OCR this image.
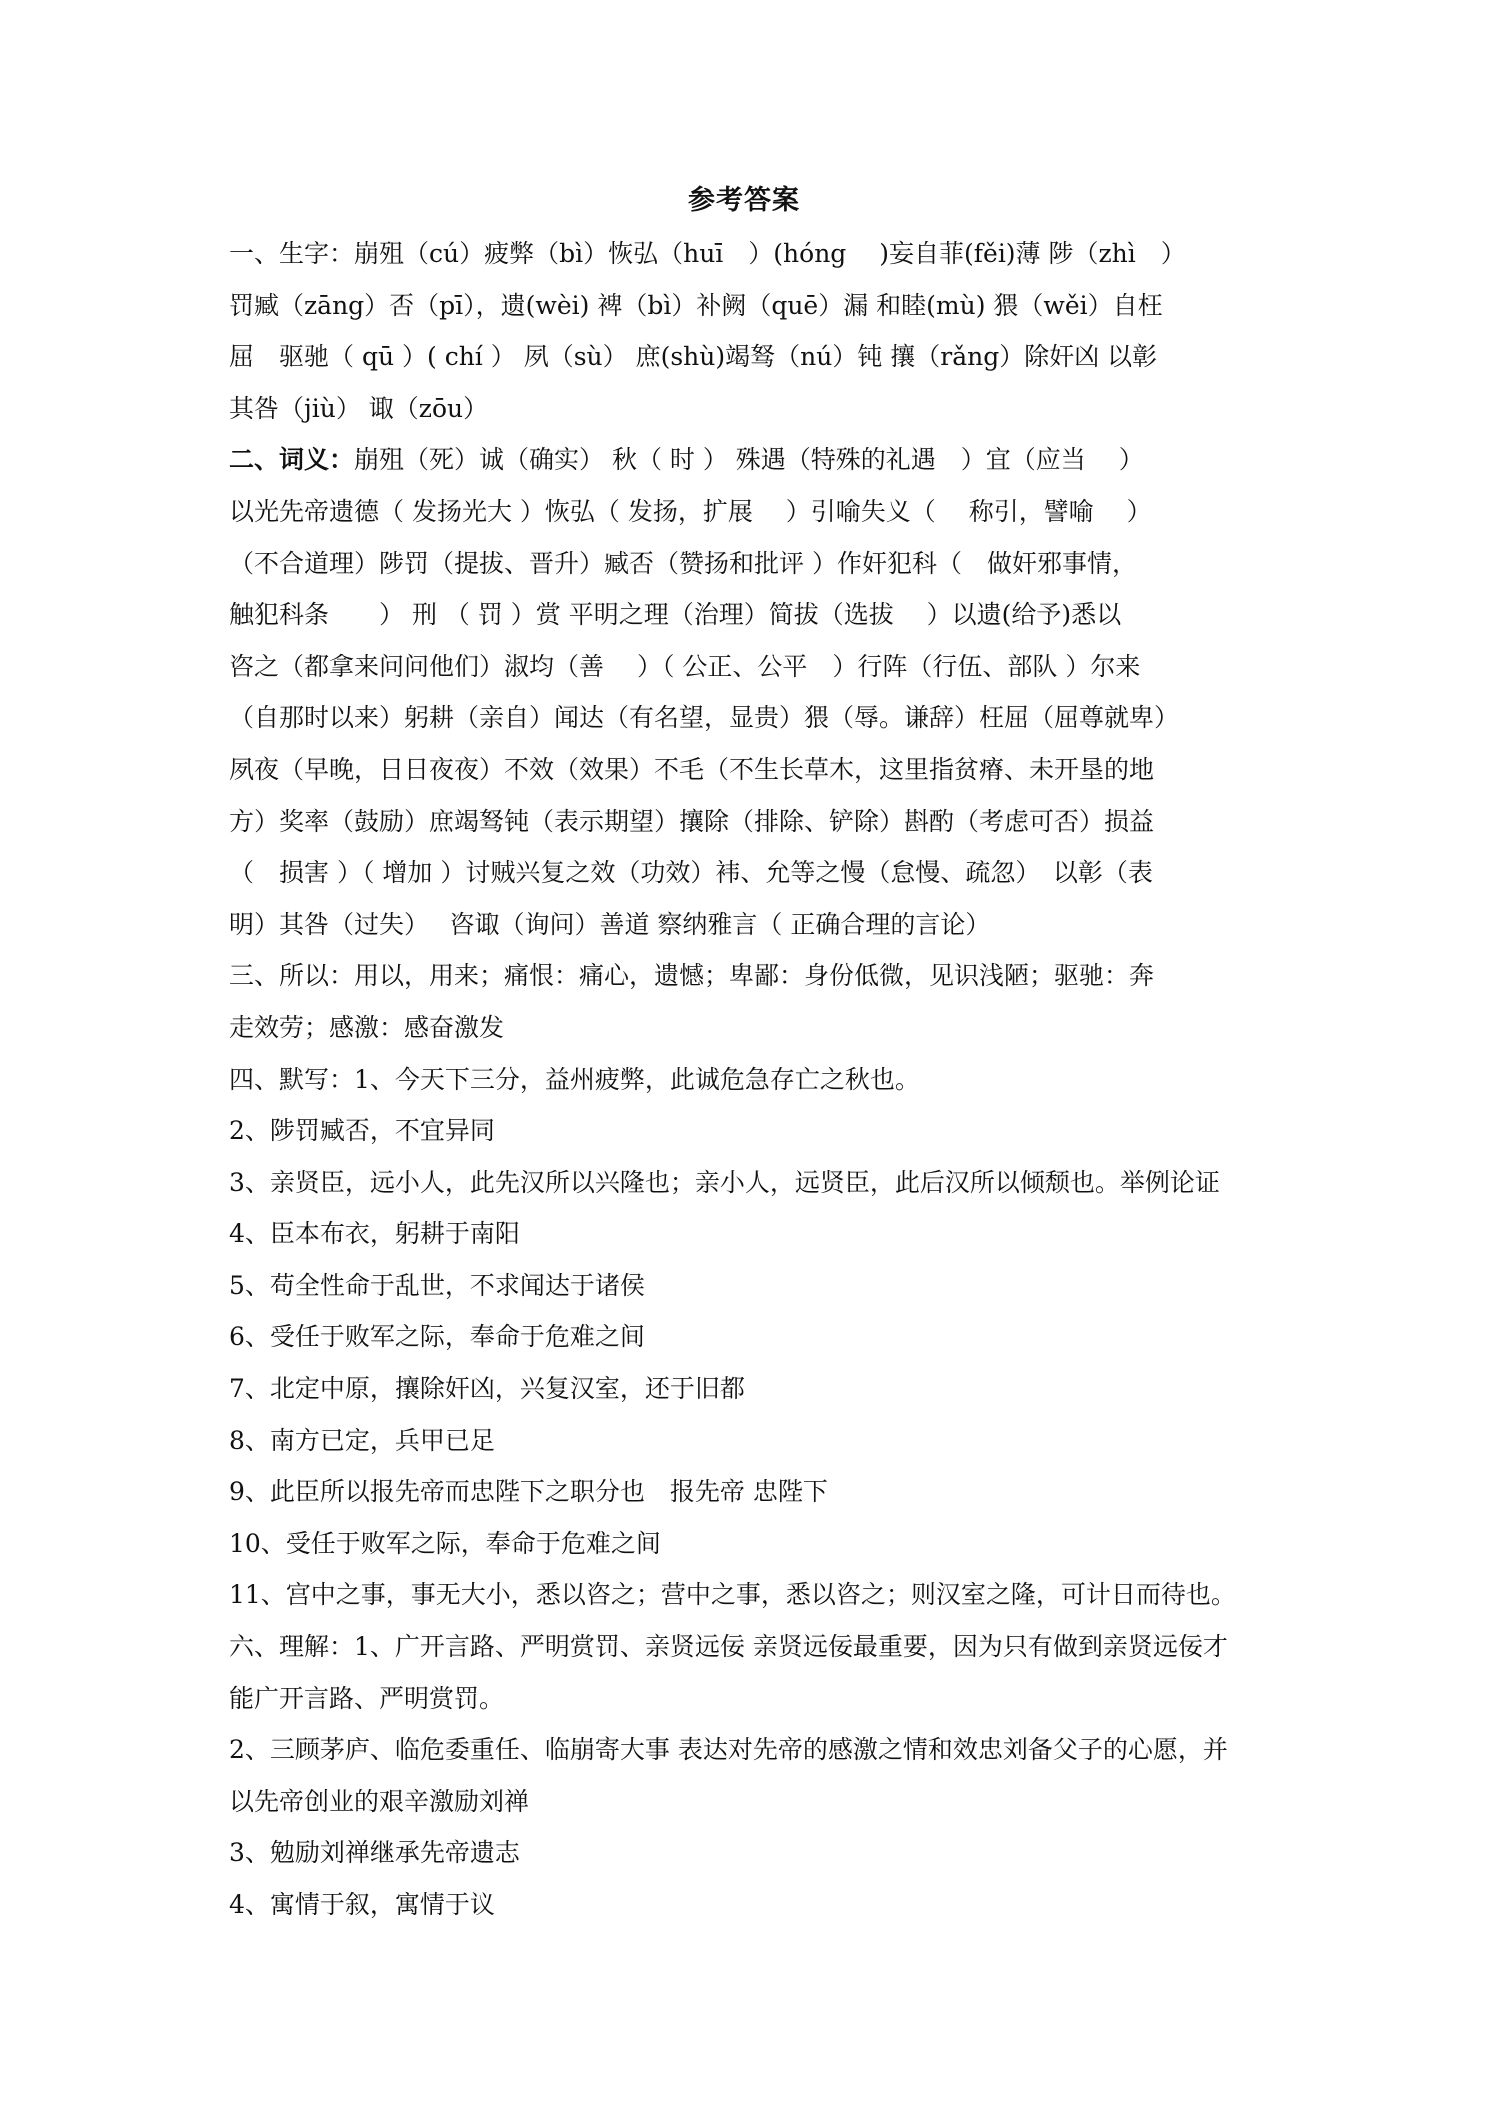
参考答案
一、生字：崩殂（cú）疲弊（bì）恢弘（huī　）(hóng　 )妄自菲(fěi)薄 陟（zhì　）
罚臧（zāng）否（pī），遗(wèi) 裨（bì）补阙（quē）漏 和睦(mù) 猥（wěi）自枉
屈　驱驰（ qū ）( chí ） 夙（sù） 庶(shù)竭驽（nú）钝 攘（rǎng）除奸凶 以彰
其咎（jiù） 诹（zōu）
二、词义：崩殂（死）诚（确实） 秋（ 时 ） 殊遇（特殊的礼遇　）宜（应当　 ）
以光先帝遗德（ 发扬光大 ）恢弘（ 发扬，扩展　 ）引喻失义（　 称引，譬喻　 ）
（不合道理）陟罚（提拔、晋升）臧否（赞扬和批评 ）作奸犯科（　做奸邪事情，
触犯科条　　） 刑 （ 罚 ）赏 平明之理（治理）简拔（选拔　 ）以遗(给予)悉以
咨之（都拿来问问他们）淑均（善　 ）（ 公正、公平　）行阵（行伍、部队 ）尔来
（自那时以来）躬耕（亲自）闻达（有名望，显贵）猥（辱。谦辞）枉屈（屈尊就卑）
夙夜（早晚，日日夜夜）不效（效果）不毛（不生长草木，这里指贫瘠、未开垦的地
方）奖率（鼓励）庶竭驽钝（表示期望）攘除（排除、铲除）斟酌（考虑可否）损益
（　损害 ）（ 增加 ）讨贼兴复之效（功效）袆、允等之慢（怠慢、疏忽）　以彰（表
明）其咎（过失）　 咨诹（询问）善道 察纳雅言（ 正确合理的言论）
三、所以：用以，用来；痛恨：痛心，遗憾；卑鄙：身份低微，见识浅陋；驱驰：奔
走效劳；感激：感奋激发
四、默写：1、今天下三分，益州疲弊，此诚危急存亡之秋也。
2、陟罚臧否，不宜异同
3、亲贤臣，远小人，此先汉所以兴隆也；亲小人，远贤臣，此后汉所以倾颓也。举例论证
4、臣本布衣，躬耕于南阳
5、苟全性命于乱世，不求闻达于诸侯
6、受任于败军之际，奉命于危难之间
7、北定中原，攘除奸凶，兴复汉室，还于旧都
8、南方已定，兵甲已足
9、此臣所以报先帝而忠陛下之职分也　报先帝 忠陛下
10、受任于败军之际，奉命于危难之间
11、宫中之事，事无大小，悉以咨之；营中之事，悉以咨之；则汉室之隆，可计日而待也。
六、理解：1、广开言路、严明赏罚、亲贤远佞 亲贤远佞最重要，因为只有做到亲贤远佞才
能广开言路、严明赏罚。
2、三顾茅庐、临危委重任、临崩寄大事 表达对先帝的感激之情和效忠刘备父子的心愿，并
以先帝创业的艰辛激励刘禅
3、勉励刘禅继承先帝遗志
4、寓情于叙，寓情于议
